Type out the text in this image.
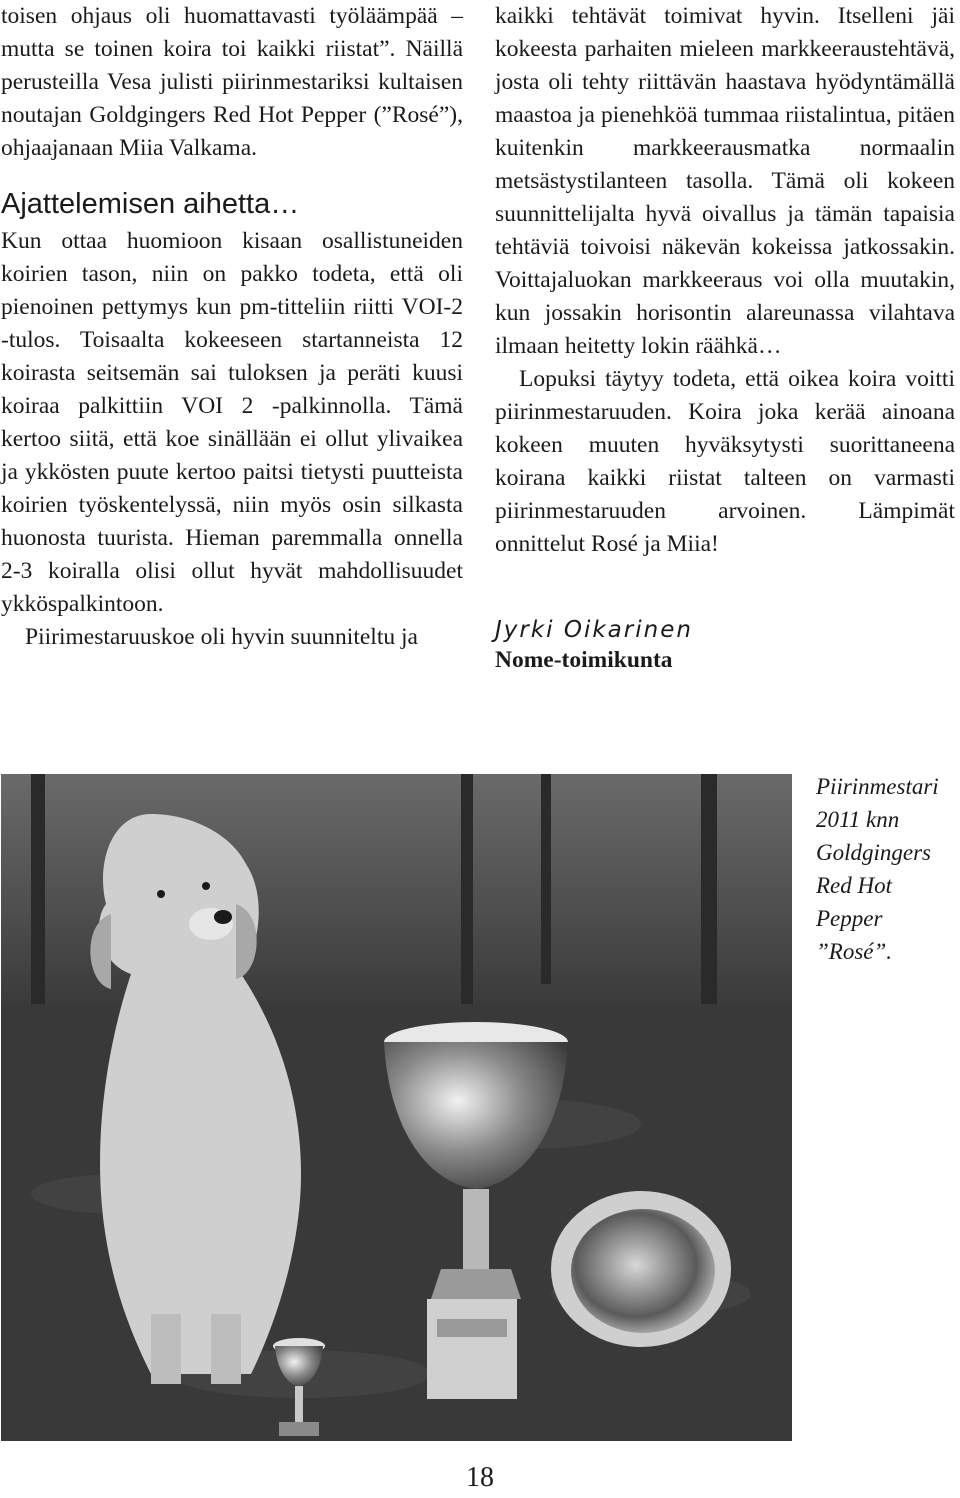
toisen ohjaus oli huomattavasti työläämpää – mutta se toinen koira toi kaikki riistat”. Näillä perusteilla Vesa julisti piirinmestariksi kultaisen noutajan Goldgingers Red Hot Pepper (”Rosé”), ohjaajanaan Miia Valkama.

Ajattelemisen aihetta…

Kun ottaa huomioon kisaan osallistuneiden koirien tason, niin on pakko todeta, että oli pienoinen pettymys kun pm-titteliin riitti VOI-2 -tulos. Toisaalta kokeeseen startanneista 12 koirasta seitsemän sai tuloksen ja peräti kuusi koiraa palkittiin VOI 2 -palkinnolla. Tämä kertoo siitä, että koe sinällään ei ollut ylivaikea ja ykkösten puute kertoo paitsi tietysti puutteista koirien työskentelyssä, niin myös osin silkasta huonosta tuurista. Hieman paremmalla onnella 2-3 koiralla olisi ollut hyvät mahdollisuudet ykköspalkintoon.

Piirimestaruuskoe oli hyvin suunniteltu ja

kaikki tehtävät toimivat hyvin. Itselleni jäi kokeesta parhaiten mieleen markkeeraustehtävä, josta oli tehty riittävän haastava hyödyntämällä maastoa ja pienehköä tummaa riistalintua, pitäen kuitenkin markkeerausmatka normaalin metsästystilanteen tasolla. Tämä oli kokeen suunnittelijalta hyvä oivallus ja tämän tapaisia tehtäviä toivoisi näkevän kokeissa jatkossakin. Voittajaluokan markkeeraus voi olla muutakin, kun jossakin horisontin alareunassa vilahtava ilmaan heitetty lokin räähkä…

Lopuksi täytyy todeta, että oikea koira voitti piirinmestaruuden. Koira joka kerää ainoana kokeen muuten hyväksytysti suorittaneena koirana kaikki riistat talteen on varmasti piirinmestaruuden arvoinen. Lämpimät onnittelut Rosé ja Miia!

Jyrki Oikarinen
Nome-toimikunta

Piirinmestari 2011 knn Goldgingers Red Hot Pepper ”Rosé”.

18
